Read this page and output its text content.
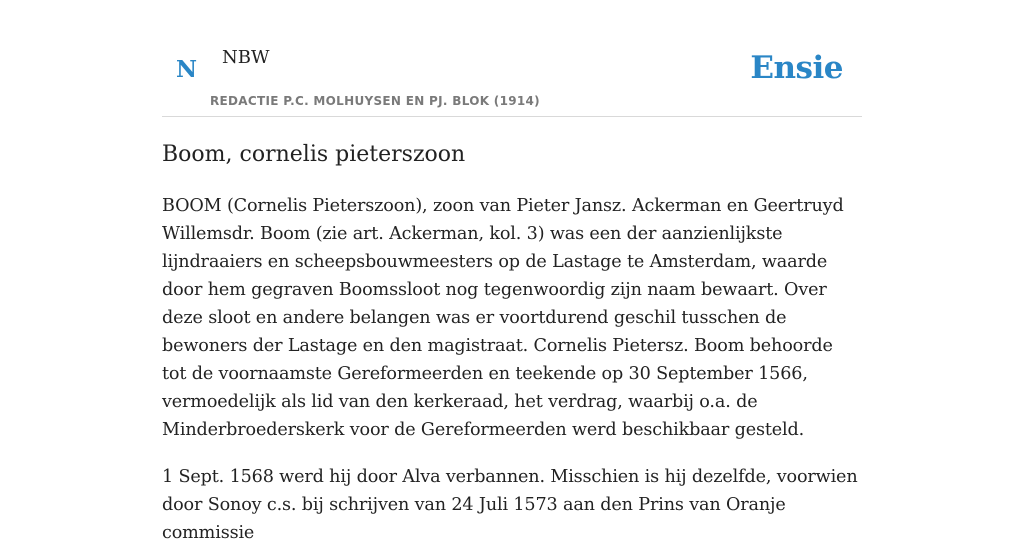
N NBW
REDACTIE P.C. MOLHUYSEN EN PJ. BLOK (1914)
Ensie
Boom, cornelis pieterszoon

BOOM (Cornelis Pieterszoon), zoon van Pieter Jansz. Ackerman en Geertruyd Willemsdr. Boom (zie art. Ackerman, kol. 3) was een der aanzienlijkste lijndraaiers en scheepsbouwmeesters op de Lastage te Amsterdam, waarde door hem gegraven Boomssloot nog tegenwoordig zijn naam bewaart. Over deze sloot en andere belangen was er voortdurend geschil tusschen de bewoners der Lastage en den magistraat. Cornelis Pietersz. Boom behoorde tot de voornaamste Gereformeerden en teekende op 30 September 1566, vermoedelijk als lid van den kerkeraad, het verdrag, waarbij o.a. de Minderbroederskerk voor de Gereformeerden werd beschikbaar gesteld.

1 Sept. 1568 werd hij door Alva verbannen. Misschien is hij dezelfde, voorwien door Sonoy c.s. bij schrijven van 24 Juli 1573 aan den Prins van Oranje commissie
